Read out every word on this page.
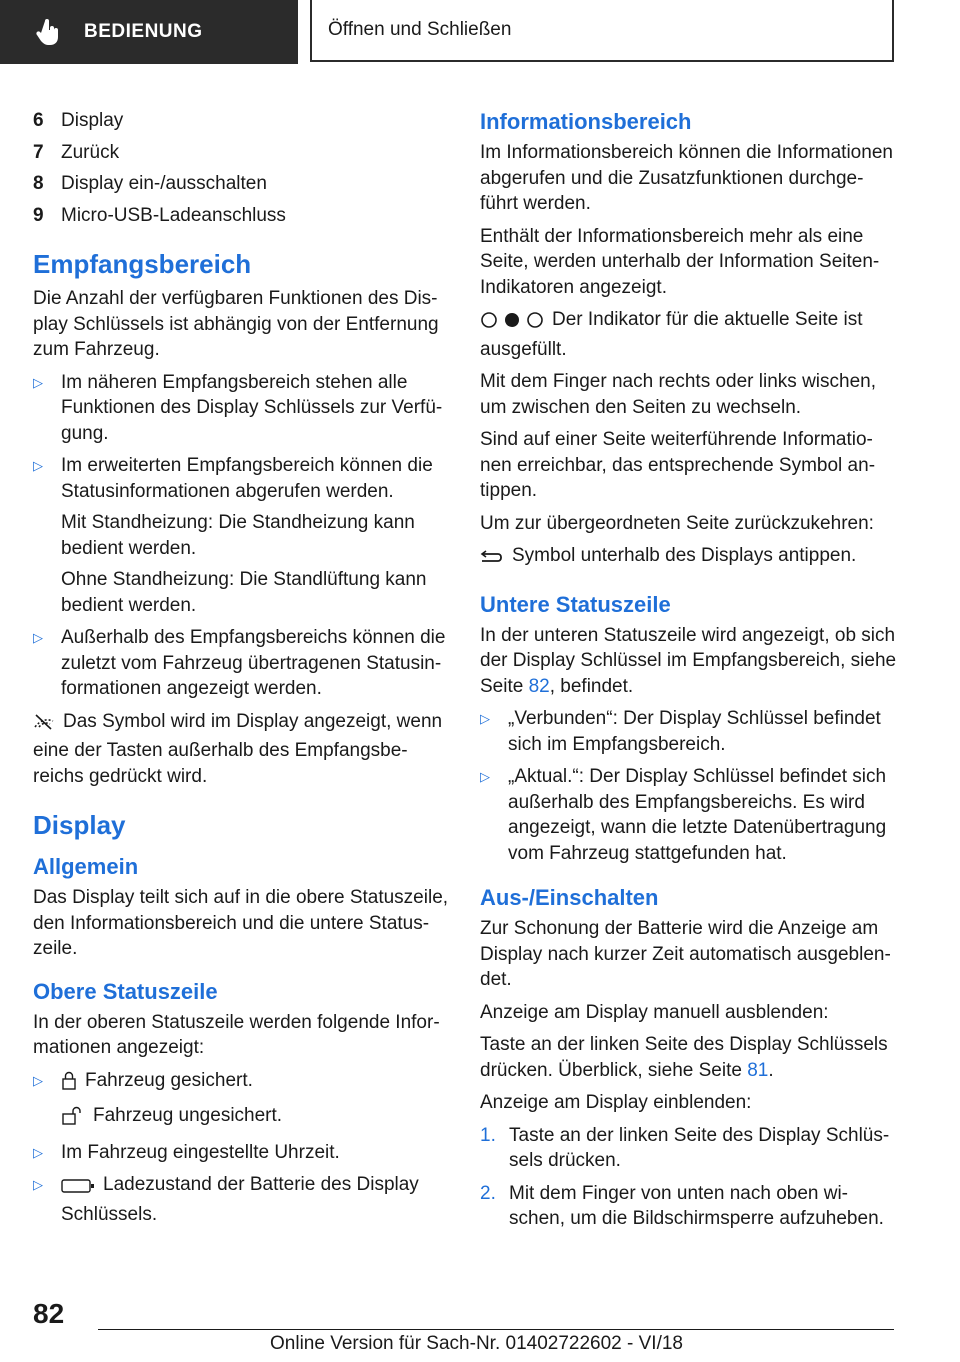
BEDIENUNG	Öffnen und Schließen
6 Display
7 Zurück
8 Display ein-/ausschalten
9 Micro-USB-Ladeanschluss
Empfangsbereich

Die Anzahl der verfügbaren Funktionen des Dis-play Schlüssels ist abhängig von der Entfernung zum Fahrzeug.

▷ Im näheren Empfangsbereich stehen alle Funktionen des Display Schlüssels zur Verfü-gung.
▷ Im erweiterten Empfangsbereich können die Statusinformationen abgerufen werden.

Mit Standheizung: Die Standheizung kann bedient werden.

Ohne Standheizung: Die Standlüftung kann bedient werden.

▷ Außerhalb des Empfangsbereichs können die zuletzt vom Fahrzeug übertragenen Statusin-formationen angezeigt werden.

Das Symbol wird im Display angezeigt, wenn eine der Tasten außerhalb des Empfangsbe-reichs gedrückt wird.

Display
Allgemein

Das Display teilt sich auf in die obere Statuszeile, den Informationsbereich und die untere Status-zeile.

Obere Statuszeile

In der oberen Statuszeile werden folgende Infor-mationen angezeigt:

▷	Fahrzeug gesichert.

Fahrzeug ungesichert.

▷ Im Fahrzeug eingestellte Uhrzeit.
▷	Ladezustand der Batterie des Display Schlüssels.
Informationsbereich

Im Informationsbereich können die Informationen abgerufen und die Zusatzfunktionen durchge-führt werden.

Enthält der Informationsbereich mehr als eine Seite, werden unterhalb der Information Seiten-Indikatoren angezeigt.

Der Indikator für die aktuelle Seite ist ausgefüllt.

Mit dem Finger nach rechts oder links wischen, um zwischen den Seiten zu wechseln.

Sind auf einer Seite weiterführende Informatio-nen erreichbar, das entsprechende Symbol an-tippen.

Um zur übergeordneten Seite zurückzukehren:

Symbol unterhalb des Displays antippen.

Untere Statuszeile

In der unteren Statuszeile wird angezeigt, ob sich der Display Schlüssel im Empfangsbereich, siehe Seite 82, befindet.

▷ „Verbunden“: Der Display Schlüssel befindet sich im Empfangsbereich.
▷ „Aktual.“: Der Display Schlüssel befindet sich außerhalb des Empfangsbereichs. Es wird angezeigt, wann die letzte Datenübertragung vom Fahrzeug stattgefunden hat.
Aus-/Einschalten

Zur Schonung der Batterie wird die Anzeige am Display nach kurzer Zeit automatisch ausgeblen-det.

Anzeige am Display manuell ausblenden:

Taste an der linken Seite des Display Schlüssels drücken. Überblick, siehe Seite 81.

Anzeige am Display einblenden:

1. Taste an der linken Seite des Display Schlüs-sels drücken.
2. Mit dem Finger von unten nach oben wi-schen, um die Bildschirmsperre aufzuheben.
82
Online Version für Sach-Nr. 01402722602 - VI/18
